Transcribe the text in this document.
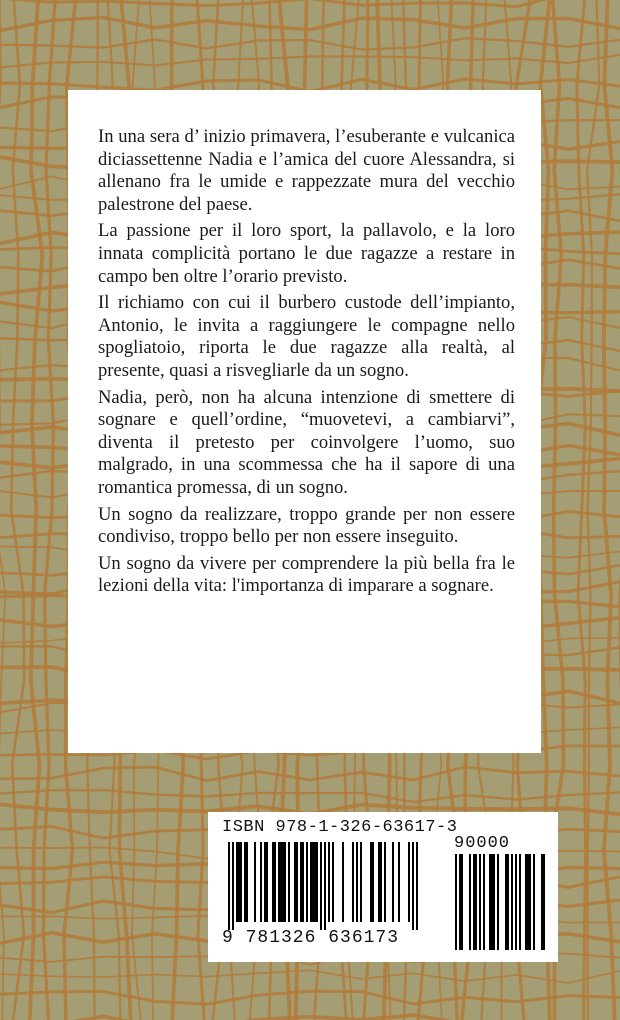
In una sera d’ inizio primavera, l’esuberante e vulcanica diciassettenne Nadia e l’amica del cuore Alessandra, si allenano fra le umide e rappezzate mura del vecchio palestrone del paese.

La passione per il loro sport, la pallavolo, e la loro innata complicità portano le due ragazze a restare in campo ben oltre l’orario previsto.

Il richiamo con cui il burbero custode dell’impianto, Antonio, le invita a raggiungere le compagne nello spogliatoio, riporta le due ragazze alla realtà, al presente, quasi a risvegliarle da un sogno.

Nadia, però, non ha alcuna intenzione di smettere di sognare e quell’ordine, “muovetevi, a cambiarvi”, diventa il pretesto per coinvolgere l’uomo, suo malgrado, in una scommessa che ha il sapore di una romantica promessa, di un sogno.

Un sogno da realizzare, troppo grande per non essere condiviso, troppo bello per non essere inseguito.

Un sogno da vivere per comprendere la più bella fra le lezioni della vita: l'importanza di imparare a sognare.

ISBN 978-1-326-63617-3
90000
9 781326 636173
